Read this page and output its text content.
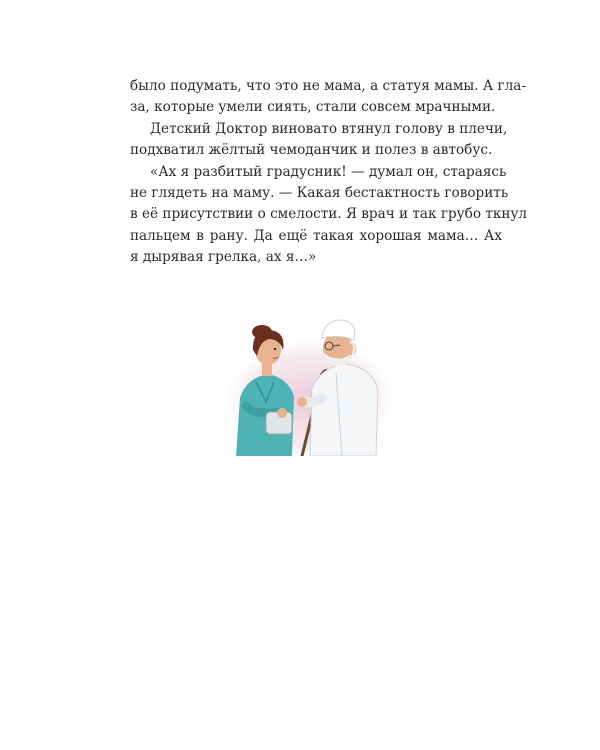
было подумать, что это не мама, а статуя мамы. А гла-
за, которые умели сиять, стали совсем мрачными.

Детский Доктор виновато втянул голову в плечи,
подхватил жёлтый чемоданчик и полез в автобус.

«Ах я разбитый градусник! — думал он, стараясь
не глядеть на маму. — Какая бестактность говорить
в её присутствии о смелости. Я врач и так грубо ткнул
пальцем в рану. Да ещё такая хорошая мама… Ах
я дырявая грелка, ах я…»
